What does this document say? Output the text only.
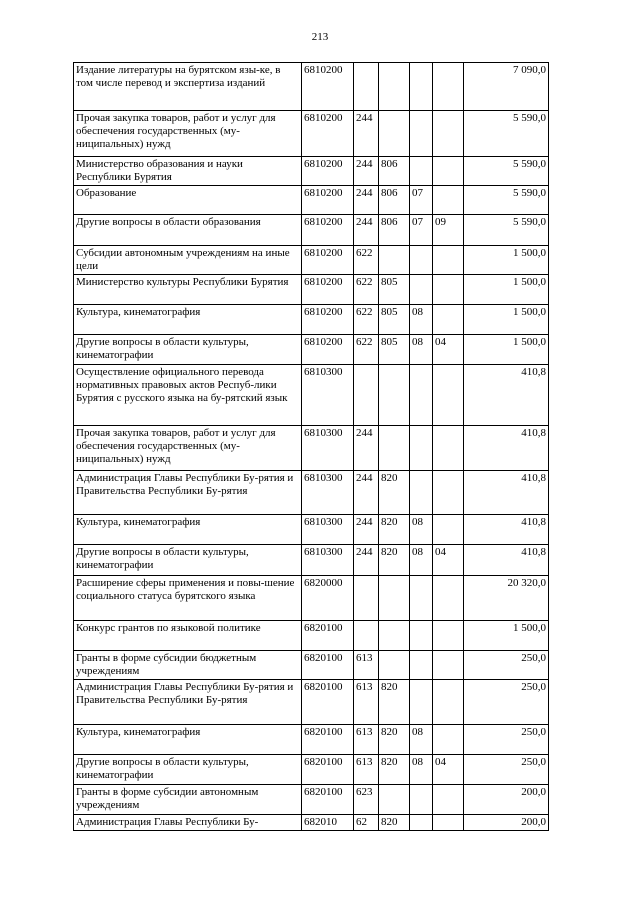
213
Издание литературы на бурятском язы-ке, в том числе перевод и экспертиза изданий	6810200					7 090,0
Прочая закупка товаров, работ и услуг для обеспечения государственных (му-ниципальных) нужд	6810200	244				5 590,0
Министерство образования и науки Республики Бурятия	6810200	244	806			5 590,0
Образование	6810200	244	806	07		5 590,0
Другие вопросы в области образования	6810200	244	806	07	09	5 590,0
Субсидии автономным учреждениям на иные цели	6810200	622				1 500,0
Министерство культуры Республики Бурятия	6810200	622	805			1 500,0
Культура, кинематография	6810200	622	805	08		1 500,0
Другие вопросы в области культуры, кинематографии	6810200	622	805	08	04	1 500,0
Осуществление официального перевода нормативных правовых актов Респуб-лики Бурятия с русского языка на бу-рятский язык	6810300					410,8
Прочая закупка товаров, работ и услуг для обеспечения государственных (му-ниципальных) нужд	6810300	244				410,8
Администрация Главы Республики Бу-рятия и Правительства Республики Бу-рятия	6810300	244	820			410,8
Культура, кинематография	6810300	244	820	08		410,8
Другие вопросы в области культуры, кинематографии	6810300	244	820	08	04	410,8
Расширение сферы применения и повы-шение социального статуса бурятского языка	6820000					20 320,0
Конкурс грантов по языковой политике	6820100					1 500,0
Гранты в форме субсидии бюджетным учреждениям	6820100	613				250,0
Администрация Главы Республики Бу-рятия и Правительства Республики Бу-рятия	6820100	613	820			250,0
Культура, кинематография	6820100	613	820	08		250,0
Другие вопросы в области культуры, кинематографии	6820100	613	820	08	04	250,0
Гранты в форме субсидии автономным учреждениям	6820100	623				200,0
Администрация Главы Республики Бу-	682010	62	820			200,0
